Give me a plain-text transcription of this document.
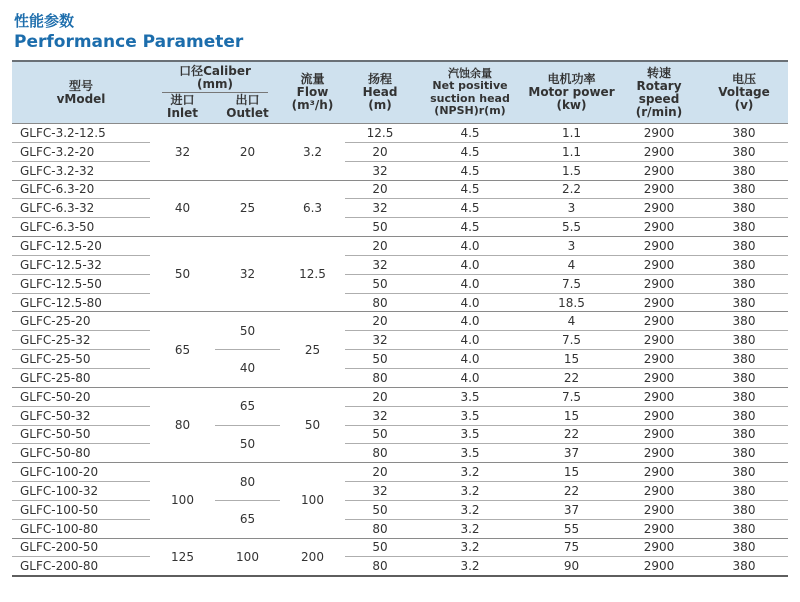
性能参数
Performance Parameter
型号
vModel

口径Caliber
(mm)
进口
Inlet
出口
Outlet

流量
Flow
(m³/h)

扬程
Head
(m)

汽蚀余量
Net positive
suction head
(NPSH)r(m)

电机功率
Motor power
(kw)

转速
Rotary speed
(r/min)

电压
Voltage
(v)

GLFC-3.2-12.5	32	20	3.2	12.5	4.5	1.1	2900	380
GLFC-3.2-20				20	4.5	1.1	2900	380
GLFC-3.2-32				32	4.5	1.5	2900	380
GLFC-6.3-20	40	25	6.3	20	4.5	2.2	2900	380
GLFC-6.3-32				32	4.5	3	2900	380
GLFC-6.3-50				50	4.5	5.5	2900	380
GLFC-12.5-20	50	32	12.5	20	4.0	3	2900	380
GLFC-12.5-32				32	4.0	4	2900	380
GLFC-12.5-50				50	4.0	7.5	2900	380
GLFC-12.5-80				80	4.0	18.5	2900	380
GLFC-25-20	65	50	25	20	4.0	4	2900	380
GLFC-25-32				32	4.0	7.5	2900	380
GLFC-25-50		40		50	4.0	15	2900	380
GLFC-25-80				80	4.0	22	2900	380
GLFC-50-20	80	65	50	20	3.5	7.5	2900	380
GLFC-50-32				32	3.5	15	2900	380
GLFC-50-50		50		50	3.5	22	2900	380
GLFC-50-80				80	3.5	37	2900	380
GLFC-100-20	100	80	100	20	3.2	15	2900	380
GLFC-100-32				32	3.2	22	2900	380
GLFC-100-50		65		50	3.2	37	2900	380
GLFC-100-80				80	3.2	55	2900	380
GLFC-200-50	125	100	200	50	3.2	75	2900	380
GLFC-200-80				80	3.2	90	2900	380
